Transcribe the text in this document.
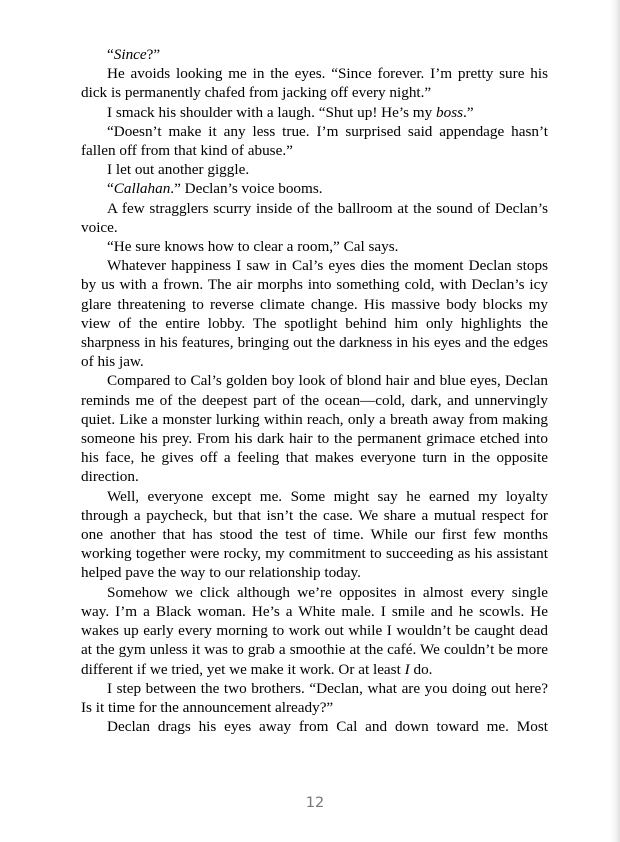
“Since?”

He avoids looking me in the eyes. “Since forever. I’m pretty sure his dick is permanently chafed from jacking off every night.”

I smack his shoulder with a laugh. “Shut up! He’s my boss.”

“Doesn’t make it any less true. I’m surprised said appendage hasn’t fallen off from that kind of abuse.”

I let out another giggle.

“Callahan.” Declan’s voice booms.

A few stragglers scurry inside of the ballroom at the sound of Declan’s voice.

“He sure knows how to clear a room,” Cal says.

Whatever happiness I saw in Cal’s eyes dies the moment Declan stops by us with a frown. The air morphs into something cold, with Declan’s icy glare threatening to reverse climate change. His massive body blocks my view of the entire lobby. The spotlight behind him only highlights the sharpness in his features, bringing out the darkness in his eyes and the edges of his jaw.

Compared to Cal’s golden boy look of blond hair and blue eyes, Declan reminds me of the deepest part of the ocean—cold, dark, and unnervingly quiet. Like a monster lurking within reach, only a breath away from making someone his prey. From his dark hair to the permanent grimace etched into his face, he gives off a feeling that makes everyone turn in the opposite direction.

Well, everyone except me. Some might say he earned my loyalty through a paycheck, but that isn’t the case. We share a mutual respect for one another that has stood the test of time. While our first few months working together were rocky, my commitment to succeeding as his assistant helped pave the way to our relationship today.

Somehow we click although we’re opposites in almost every single way. I’m a Black woman. He’s a White male. I smile and he scowls. He wakes up early every morning to work out while I wouldn’t be caught dead at the gym unless it was to grab a smoothie at the café. We couldn’t be more different if we tried, yet we make it work. Or at least I do.

I step between the two brothers. “Declan, what are you doing out here? Is it time for the announcement already?”

Declan drags his eyes away from Cal and down toward me. Most

12
